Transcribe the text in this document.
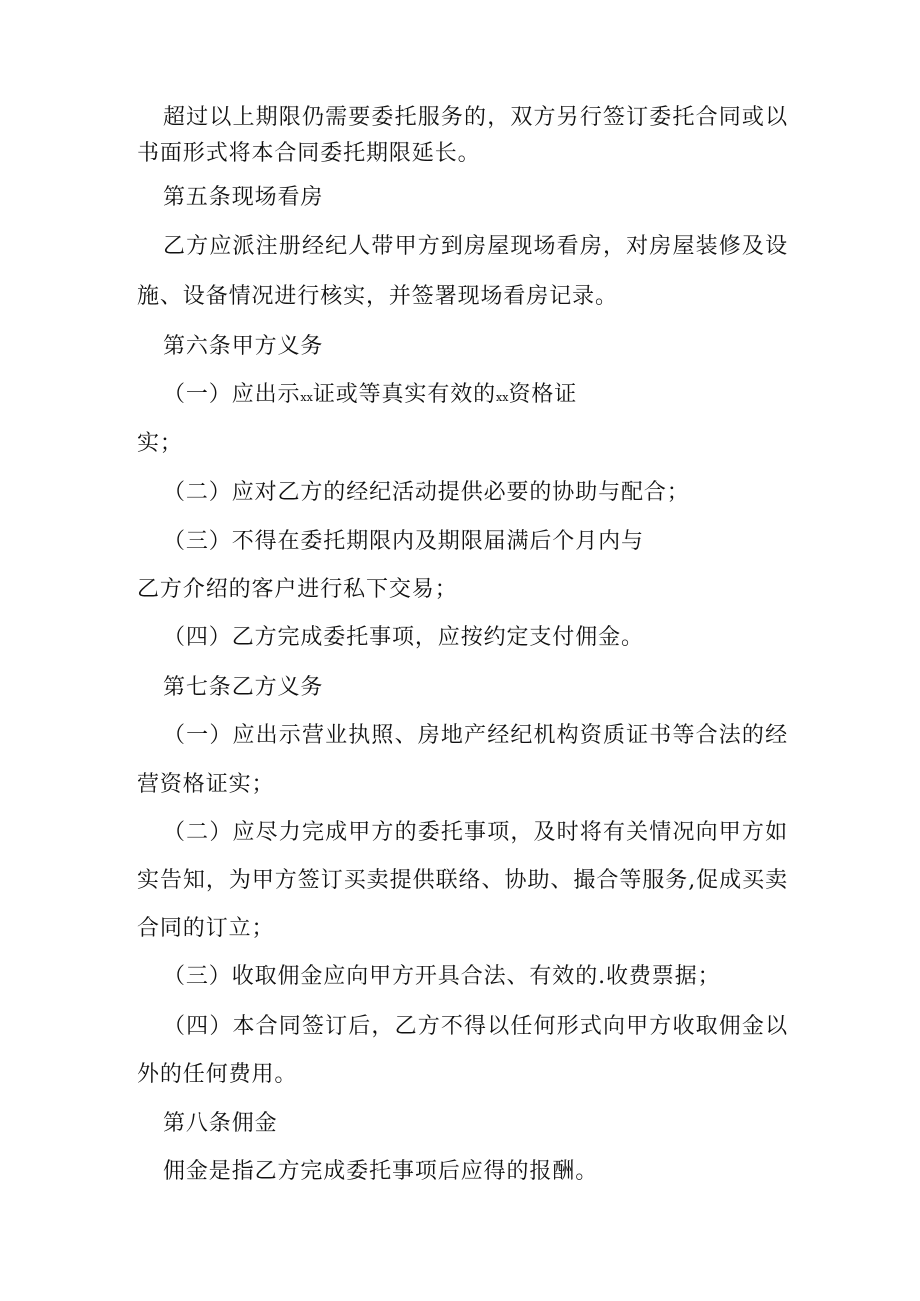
超过以上期限仍需要委托服务的，双方另行签订委托合同或以
书面形式将本合同委托期限延长。
第五条现场看房
乙方应派注册经纪人带甲方到房屋现场看房，对房屋装修及设
施、设备情况进行核实，并签署现场看房记录。
第六条甲方义务
（一）应出示xx证或等真实有效的xx资格证
实；
（二）应对乙方的经纪活动提供必要的协助与配合；
（三）不得在委托期限内及期限届满后个月内与
乙方介绍的客户进行私下交易；
（四）乙方完成委托事项，应按约定支付佣金。
第七条乙方义务
（一）应出示营业执照、房地产经纪机构资质证书等合法的经
营资格证实；
（二）应尽力完成甲方的委托事项，及时将有关情况向甲方如
实告知，为甲方签订买卖提供联络、协助、撮合等服务,促成买卖
合同的订立；
（三）收取佣金应向甲方开具合法、有效的.收费票据；
（四）本合同签订后，乙方不得以任何形式向甲方收取佣金以
外的任何费用。
第八条佣金
佣金是指乙方完成委托事项后应得的报酬。
